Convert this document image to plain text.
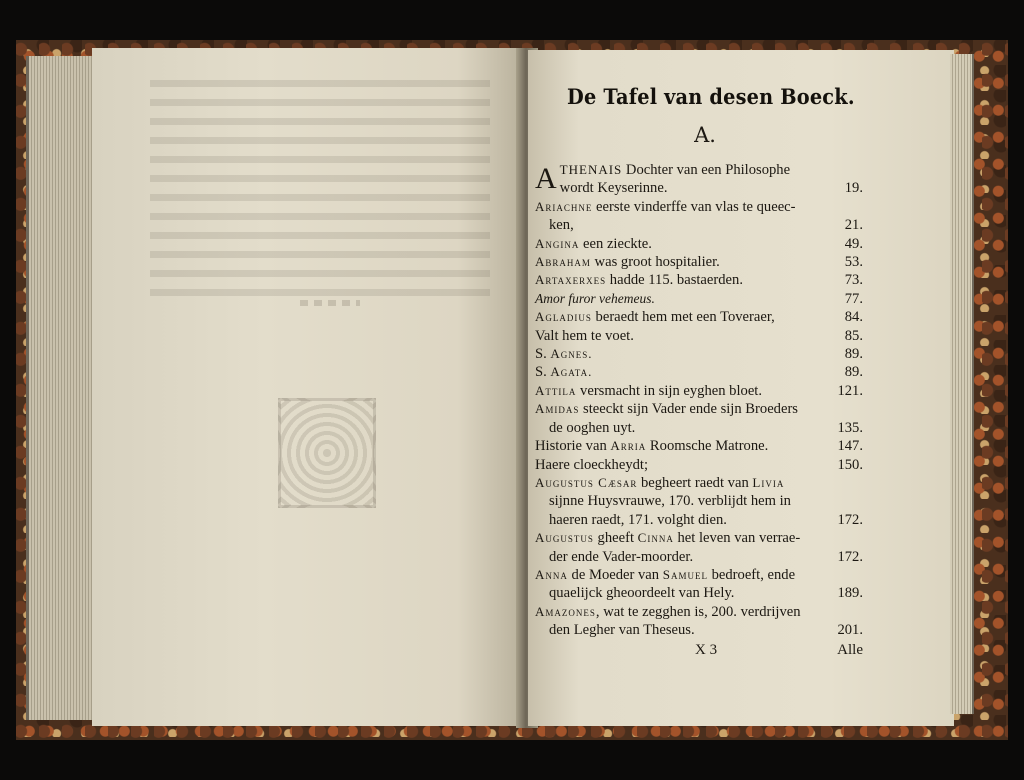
De Tafel van desen Boeck.
A.
A THENAIS Dochter van een Philosophe
wordt Keyserinne.	19.
Ariachne eerste vinderffe van vlas te queec-
ken,	21.
Angina een zieckte.	49.
Abraham was groot hospitalier.	53.
Artaxerxes hadde 115. bastaerden.	73.
Amor furor vehemeus.	77.
Agladius beraedt hem met een Toveraer,	84.
Valt hem te voet.	85.
S. Agnes.	89.
S. Agata.	89.
Attila versmacht in sijn eyghen bloet.	121.
Amidas steeckt sijn Vader ende sijn Broeders
de ooghen uyt.	135.
Historie van Arria Roomsche Matrone.	147.
Haere cloeckheydt;	150.
Augustus Cæsar begheert raedt van Livia
sijnne Huysvrauwe, 170. verblijdt hem in
haeren raedt, 171. volght dien.	172.
Augustus gheeft Cinna het leven van verrae-
der ende Vader-moorder.	172.
Anna de Moeder van Samuel bedroeft, ende
quaelijck gheoordeelt van Hely.	189.
Amazones, wat te zegghen is, 200. verdrijven
den Legher van Theseus.	201.
X 3	Alle
